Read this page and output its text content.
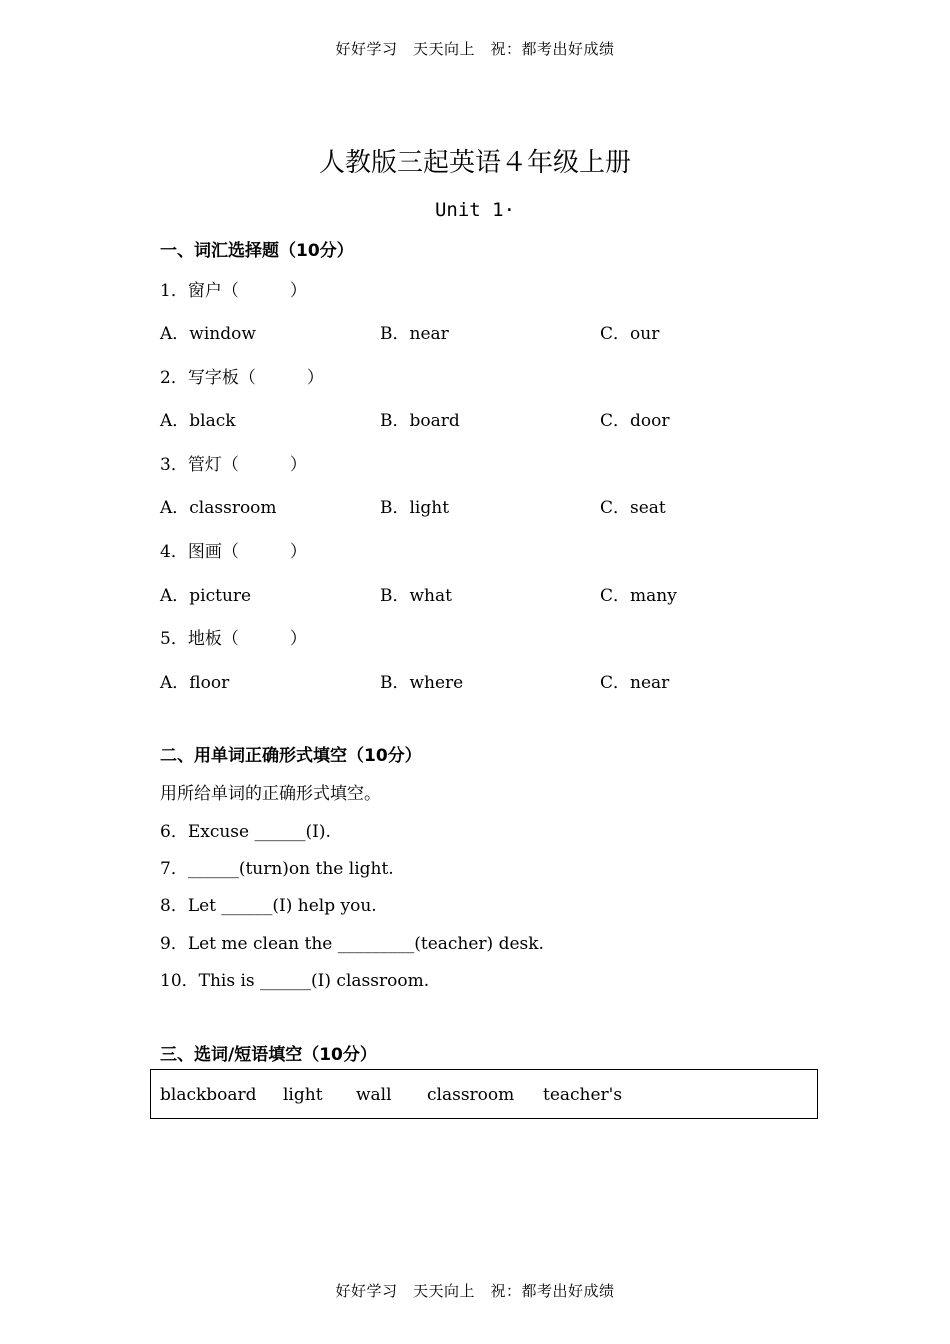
好好学习　天天向上　祝：都考出好成绩
人教版三起英语４年级上册
Unit 1·
一、词汇选择题（10分）
1．窗户（　　　）
A．window	B．near	C．our
2．写字板（　　　）
A．black	B．board	C．door
3．管灯（　　　）
A．classroom	B．light	C．seat
4．图画（　　　）
A．picture	B．what	C．many
5．地板（　　　）
A．floor	B．where	C．near
二、用单词正确形式填空（10分）
用所给单词的正确形式填空。
6．Excuse ______(I).
7．______(turn)on the light.
8．Let ______(I) help you.
9．Let me clean the _________(teacher) desk.
10．This is ______(I) classroom.
三、选词/短语填空（10分）
blackboard light wall classroom teacher's
好好学习　天天向上　祝：都考出好成绩
